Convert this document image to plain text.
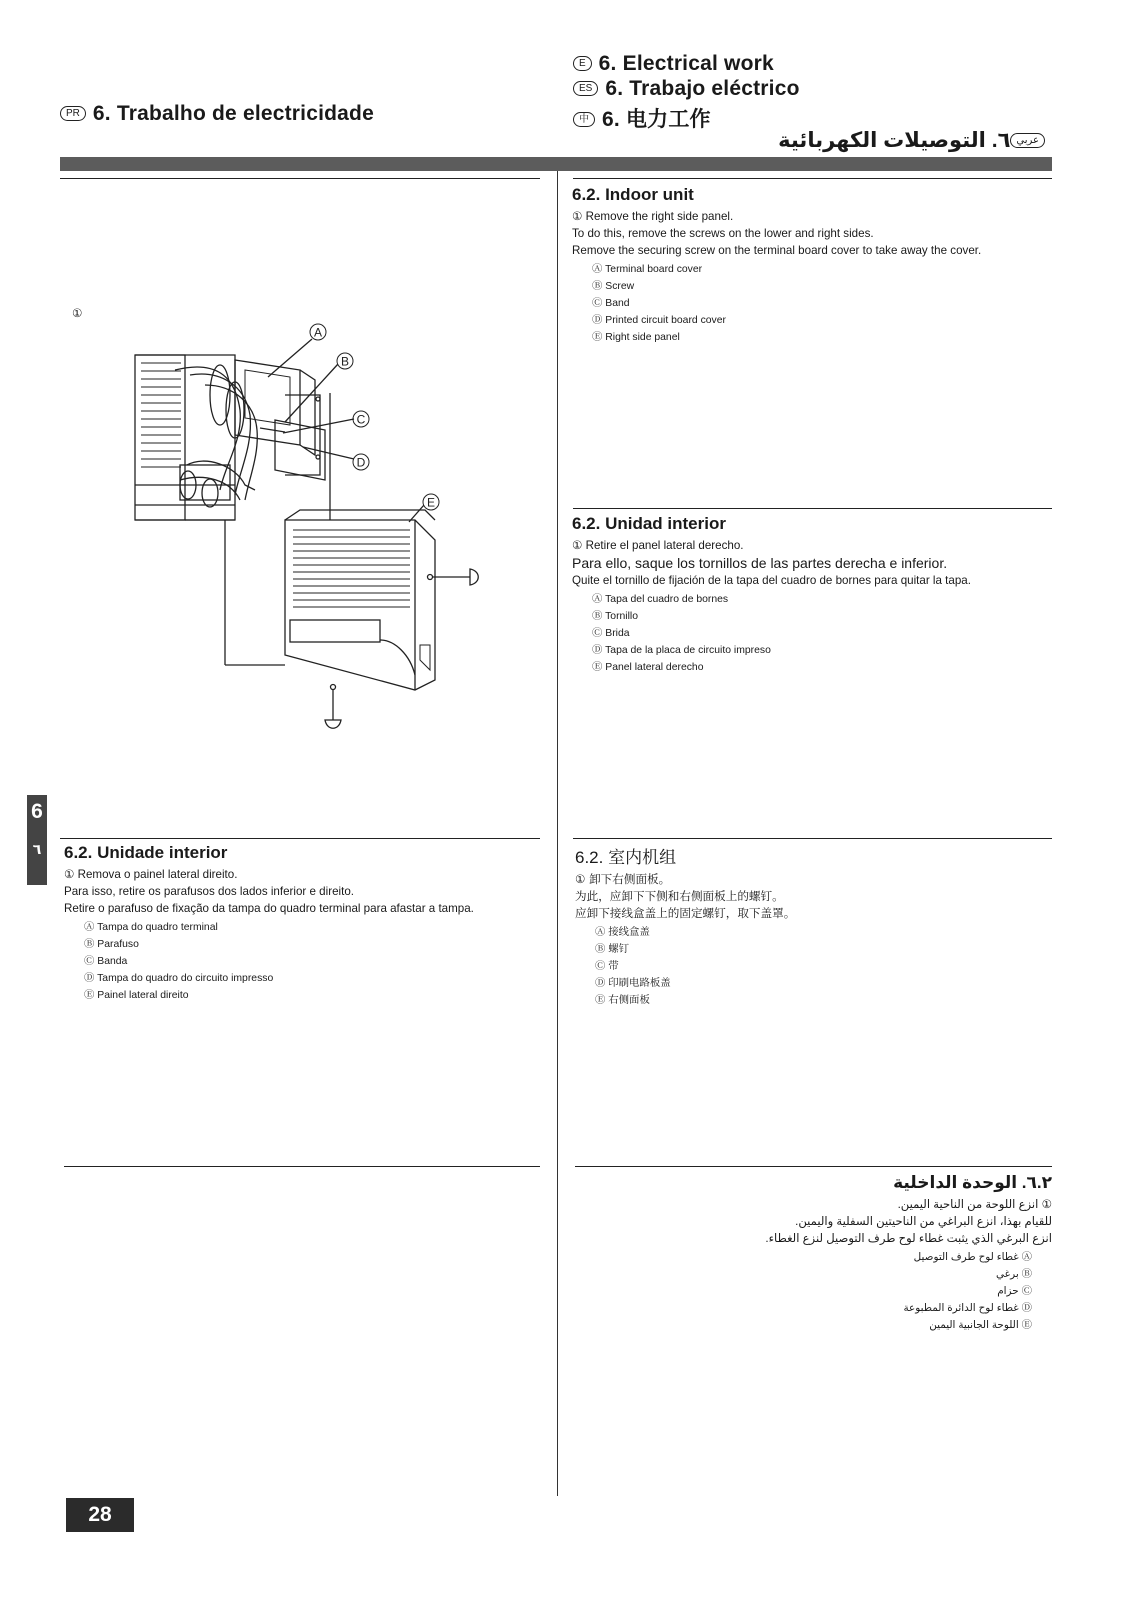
PR 6. Trabalho de electricidade
E 6. Electrical work
ES 6. Trabajo eléctrico
中 6. 电力工作
عربي٦. التوصيلات الكهربائية
①
A
B
C
D
E
6.2. Indoor unit
① Remove the right side panel.
To do this, remove the screws on the lower and right sides.
Remove the securing screw on the terminal board cover to take away the cover.
Ⓐ Terminal board cover
Ⓑ Screw
Ⓒ Band
Ⓓ Printed circuit board cover
Ⓔ Right side panel
6.2. Unidad interior
① Retire el panel lateral derecho.
Para ello, saque los tornillos de las partes derecha e inferior.
Quite el tornillo de fijación de la tapa del cuadro de bornes para quitar la tapa.
Ⓐ Tapa del cuadro de bornes
Ⓑ Tornillo
Ⓒ Brida
Ⓓ Tapa de la placa de circuito impreso
Ⓔ Panel lateral derecho
6.2. Unidade interior
① Remova o painel lateral direito.
Para isso, retire os parafusos dos lados inferior e direito.
Retire o parafuso de fixação da tampa do quadro terminal para afastar a tampa.
Ⓐ Tampa do quadro terminal
Ⓑ Parafuso
Ⓒ Banda
Ⓓ Tampa do quadro do circuito impresso
Ⓔ Painel lateral direito
6.2. 室内机组
① 卸下右侧面板。
为此，应卸下下侧和右侧面板上的螺钉。
应卸下接线盒盖上的固定螺钉，取下盖罩。
Ⓐ 接线盒盖
Ⓑ 螺钉
Ⓒ 带
Ⓓ 印刷电路板盖
Ⓔ 右侧面板
٦.٢. الوحدة الداخلية
① انزع اللوحة من الناحية اليمين.
للقيام بهذا، انزع البراغي من الناحيتين السفلية واليمين.
انزع البرغي الذي يثبت غطاء لوح طرف التوصيل لنزع الغطاء.
Ⓐ غطاء لوح طرف التوصيل
Ⓑ برغي
Ⓒ حزام
Ⓓ غطاء لوح الدائرة المطبوعة
Ⓔ اللوحة الجانبية اليمين
6
٦
28
